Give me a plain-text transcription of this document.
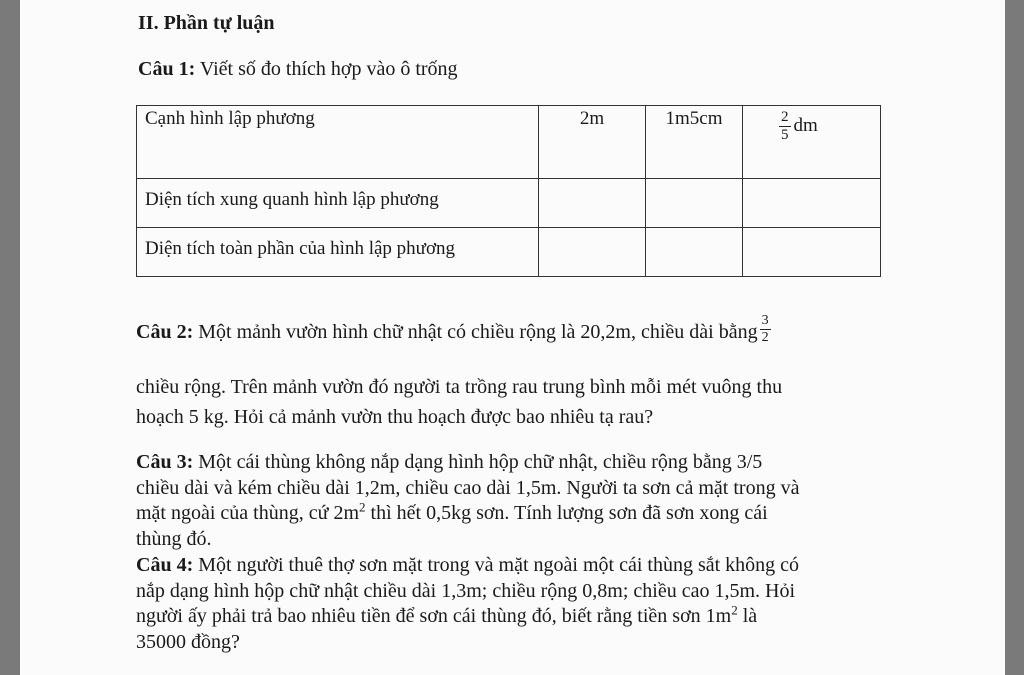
II. Phần tự luận
Câu 1: Viết số đo thích hợp vào ô trống
Cạnh hình lập phương	2m	1m5cm	$\frac{2}{5}$ dm
Diện tích xung quanh hình lập phương			
Diện tích toàn phần của hình lập phương			
Câu 2: Một mảnh vườn hình chữ nhật có chiều rộng là 20,2m, chiều dài bằng $\frac{3}{2}$
chiều rộng. Trên mảnh vườn đó người ta trồng rau trung bình mỗi mét vuông thu
hoạch 5 kg. Hỏi cả mảnh vườn thu hoạch được bao nhiêu tạ rau?
Câu 3: Một cái thùng không nắp dạng hình hộp chữ nhật, chiều rộng bằng 3/5
chiều dài và kém chiều dài 1,2m, chiều cao dài 1,5m. Người ta sơn cả mặt trong và
mặt ngoài của thùng, cứ $2m^2$ thì hết 0,5kg sơn. Tính lượng sơn đã sơn xong cái
thùng đó.
Câu 4: Một người thuê thợ sơn mặt trong và mặt ngoài một cái thùng sắt không có
nắp dạng hình hộp chữ nhật chiều dài 1,3m; chiều rộng 0,8m; chiều cao 1,5m. Hỏi
người ấy phải trả bao nhiêu tiền để sơn cái thùng đó, biết rằng tiền sơn $1m^2$ là
35000 đồng?
